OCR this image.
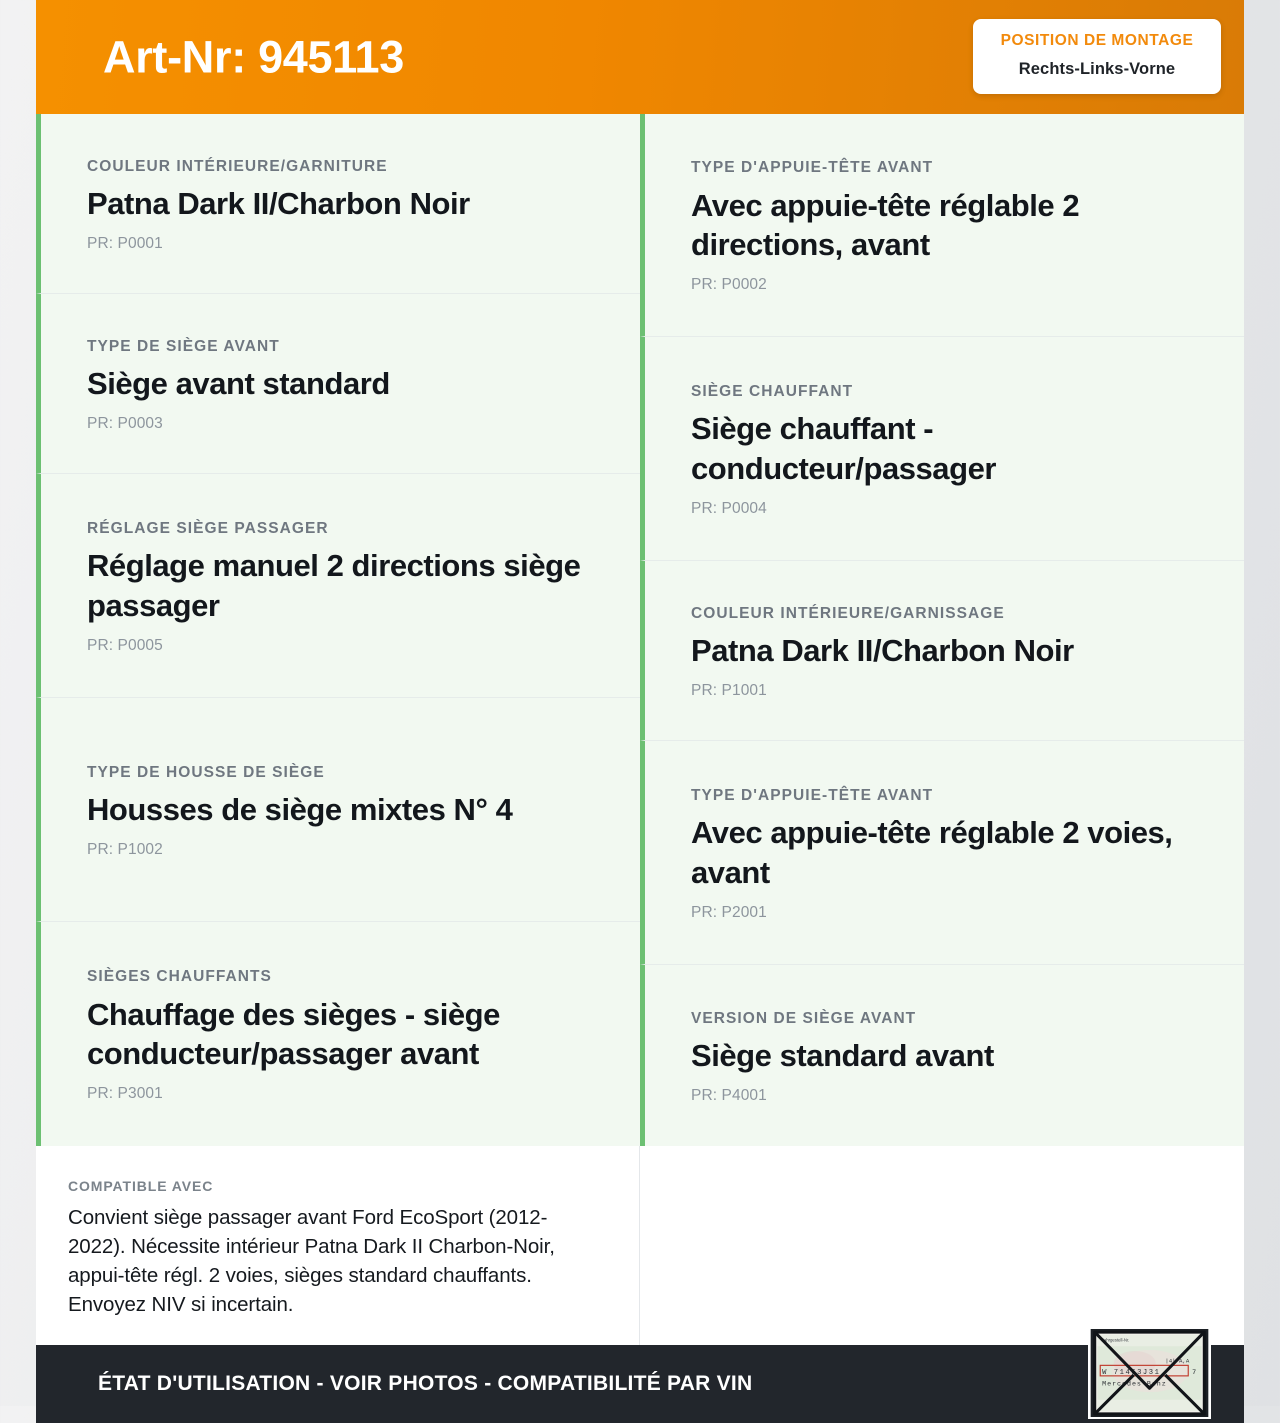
Art-Nr: 945113	POSITION DE MONTAGE
Rechts-Links-Vorne
COULEUR INTÉRIEURE/GARNITURE
Patna Dark II/Charbon Noir
PR: P0001
TYPE DE SIÈGE AVANT
Siège avant standard
PR: P0003
RÉGLAGE SIÈGE PASSAGER
Réglage manuel 2 directions siège passager
PR: P0005
TYPE DE HOUSSE DE SIÈGE
Housses de siège mixtes N° 4
PR: P1002
SIÈGES CHAUFFANTS
Chauffage des sièges - siège conducteur/passager avant
PR: P3001
TYPE D'APPUIE-TÊTE AVANT
Avec appuie-tête réglable 2 directions, avant
PR: P0002
SIÈGE CHAUFFANT
Siège chauffant - conducteur/passager
PR: P0004
COULEUR INTÉRIEURE/GARNISSAGE
Patna Dark II/Charbon Noir
PR: P1001
TYPE D'APPUIE-TÊTE AVANT
Avec appuie-tête réglable 2 voies, avant
PR: P2001
VERSION DE SIÈGE AVANT
Siège standard avant
PR: P4001
COMPATIBLE AVEC
Convient siège passager avant Ford EcoSport (2012-2022). Nécessite intérieur Patna Dark II Charbon-Noir, appui-tête régl. 2 voies, sièges standard chauffants. Envoyez NIV si incertain.
ÉTAT D'UTILISATION - VOIR PHOTOS - COMPATIBILITÉ PAR VIN
Fahrgestell-Nr.
|4| A,A
W 71463J31	7
Mercedes-Benz
